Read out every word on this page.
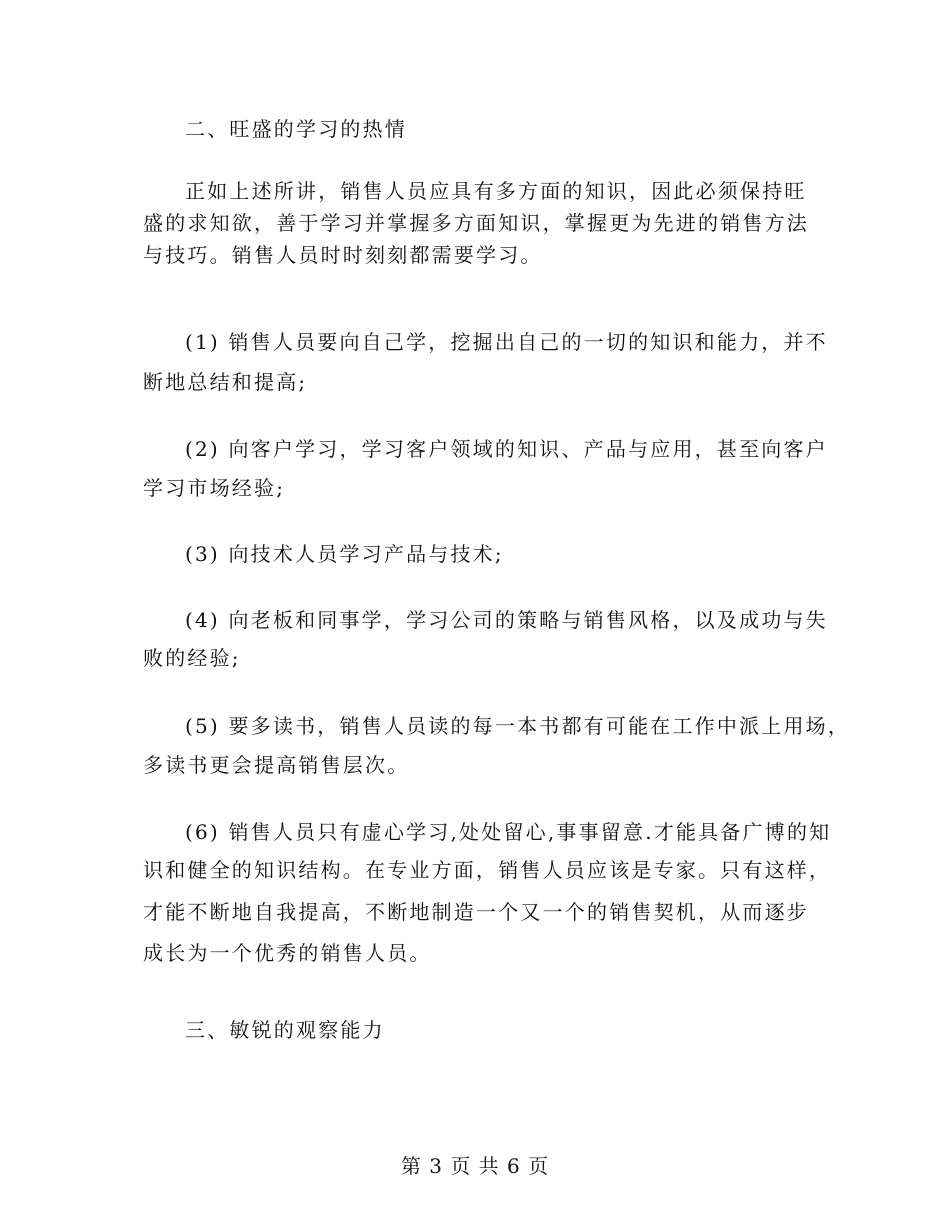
二、旺盛的学习的热情
正如上述所讲，销售人员应具有多方面的知识，因此必须保持旺
盛的求知欲，善于学习并掌握多方面知识，掌握更为先进的销售方法
与技巧。销售人员时时刻刻都需要学习。
(1) 销售人员要向自己学，挖掘出自己的一切的知识和能力，并不
断地总结和提高;
(2) 向客户学习，学习客户领域的知识、产品与应用，甚至向客户
学习市场经验;
(3) 向技术人员学习产品与技术;
(4) 向老板和同事学，学习公司的策略与销售风格，以及成功与失
败的经验;
(5) 要多读书，销售人员读的每一本书都有可能在工作中派上用场，
多读书更会提高销售层次。
(6) 销售人员只有虚心学习,处处留心,事事留意.才能具备广博的知
识和健全的知识结构。在专业方面，销售人员应该是专家。只有这样，
才能不断地自我提高，不断地制造一个又一个的销售契机，从而逐步
成长为一个优秀的销售人员。
三、敏锐的观察能力
第 3 页 共 6 页
